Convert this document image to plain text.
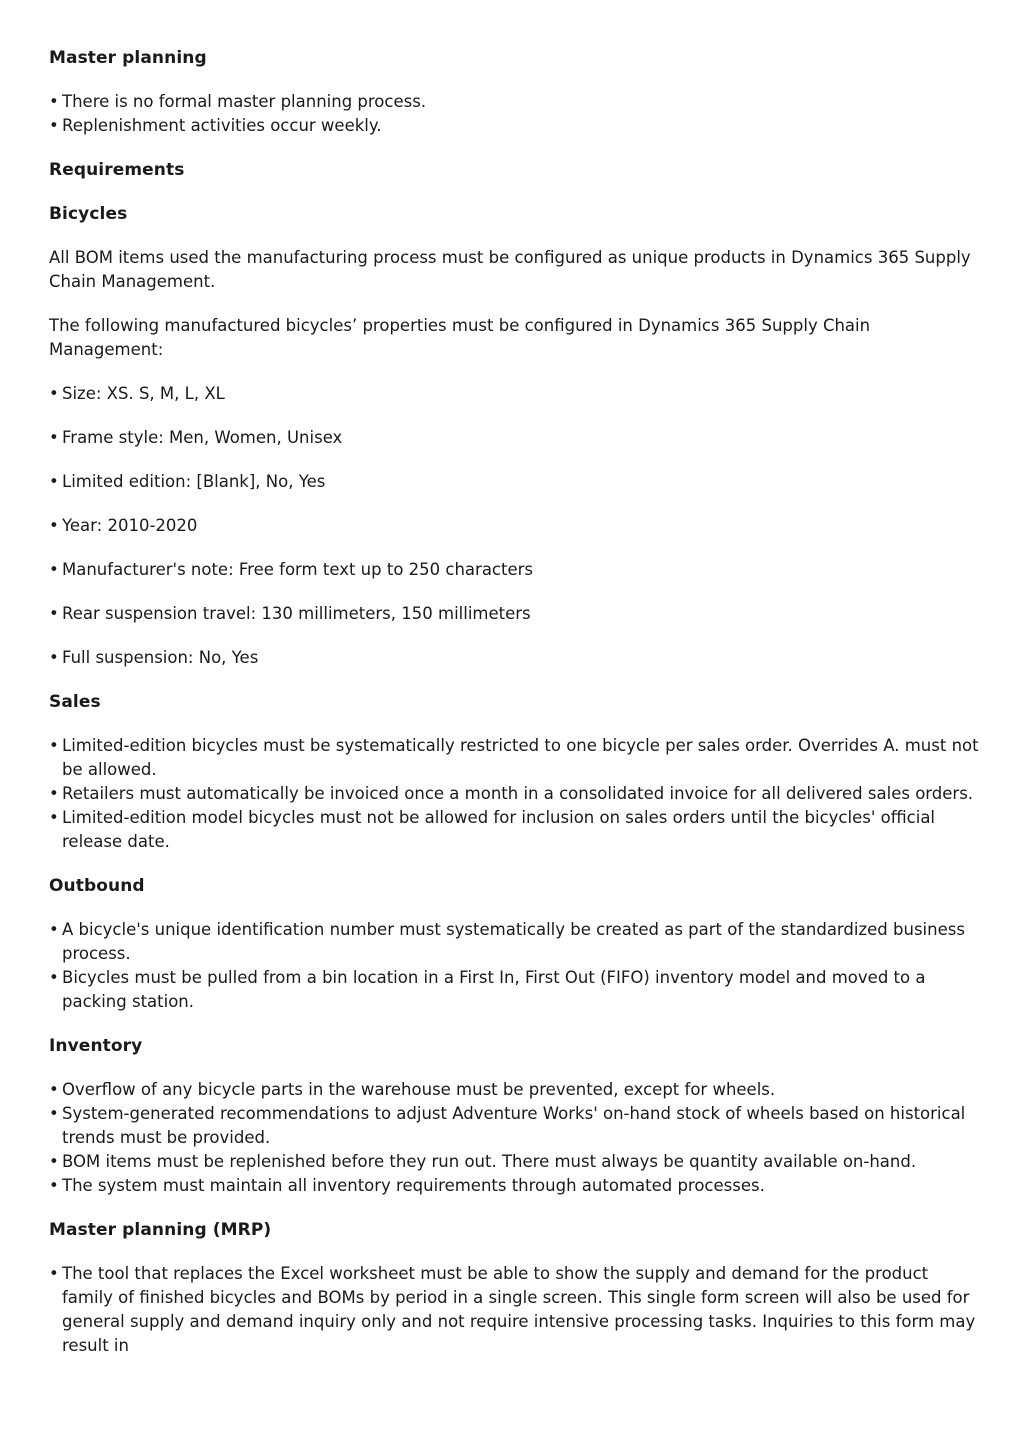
Master planning
• There is no formal master planning process.
• Replenishment activities occur weekly.
Requirements
Bicycles

All BOM items used the manufacturing process must be configured as unique products in Dynamics 365 Supply Chain Management.

The following manufactured bicycles’ properties must be configured in Dynamics 365 Supply Chain Management:

• Size: XS. S, M, L, XL
• Frame style: Men, Women, Unisex
• Limited edition: [Blank], No, Yes
• Year: 2010-2020
• Manufacturer's note: Free form text up to 250 characters
• Rear suspension travel: 130 millimeters, 150 millimeters
• Full suspension: No, Yes
Sales
• Limited-edition bicycles must be systematically restricted to one bicycle per sales order. Overrides A. must not be allowed.
• Retailers must automatically be invoiced once a month in a consolidated invoice for all delivered sales orders.
• Limited-edition model bicycles must not be allowed for inclusion on sales orders until the bicycles' official release date.
Outbound
• A bicycle's unique identification number must systematically be created as part of the standardized business process.
• Bicycles must be pulled from a bin location in a First In, First Out (FIFO) inventory model and moved to a packing station.
Inventory
• Overflow of any bicycle parts in the warehouse must be prevented, except for wheels.
• System-generated recommendations to adjust Adventure Works' on-hand stock of wheels based on historical trends must be provided.
• BOM items must be replenished before they run out. There must always be quantity available on-hand.
• The system must maintain all inventory requirements through automated processes.
Master planning (MRP)
• The tool that replaces the Excel worksheet must be able to show the supply and demand for the product family of finished bicycles and BOMs by period in a single screen. This single form screen will also be used for general supply and demand inquiry only and not require intensive processing tasks. Inquiries to this form may result in
